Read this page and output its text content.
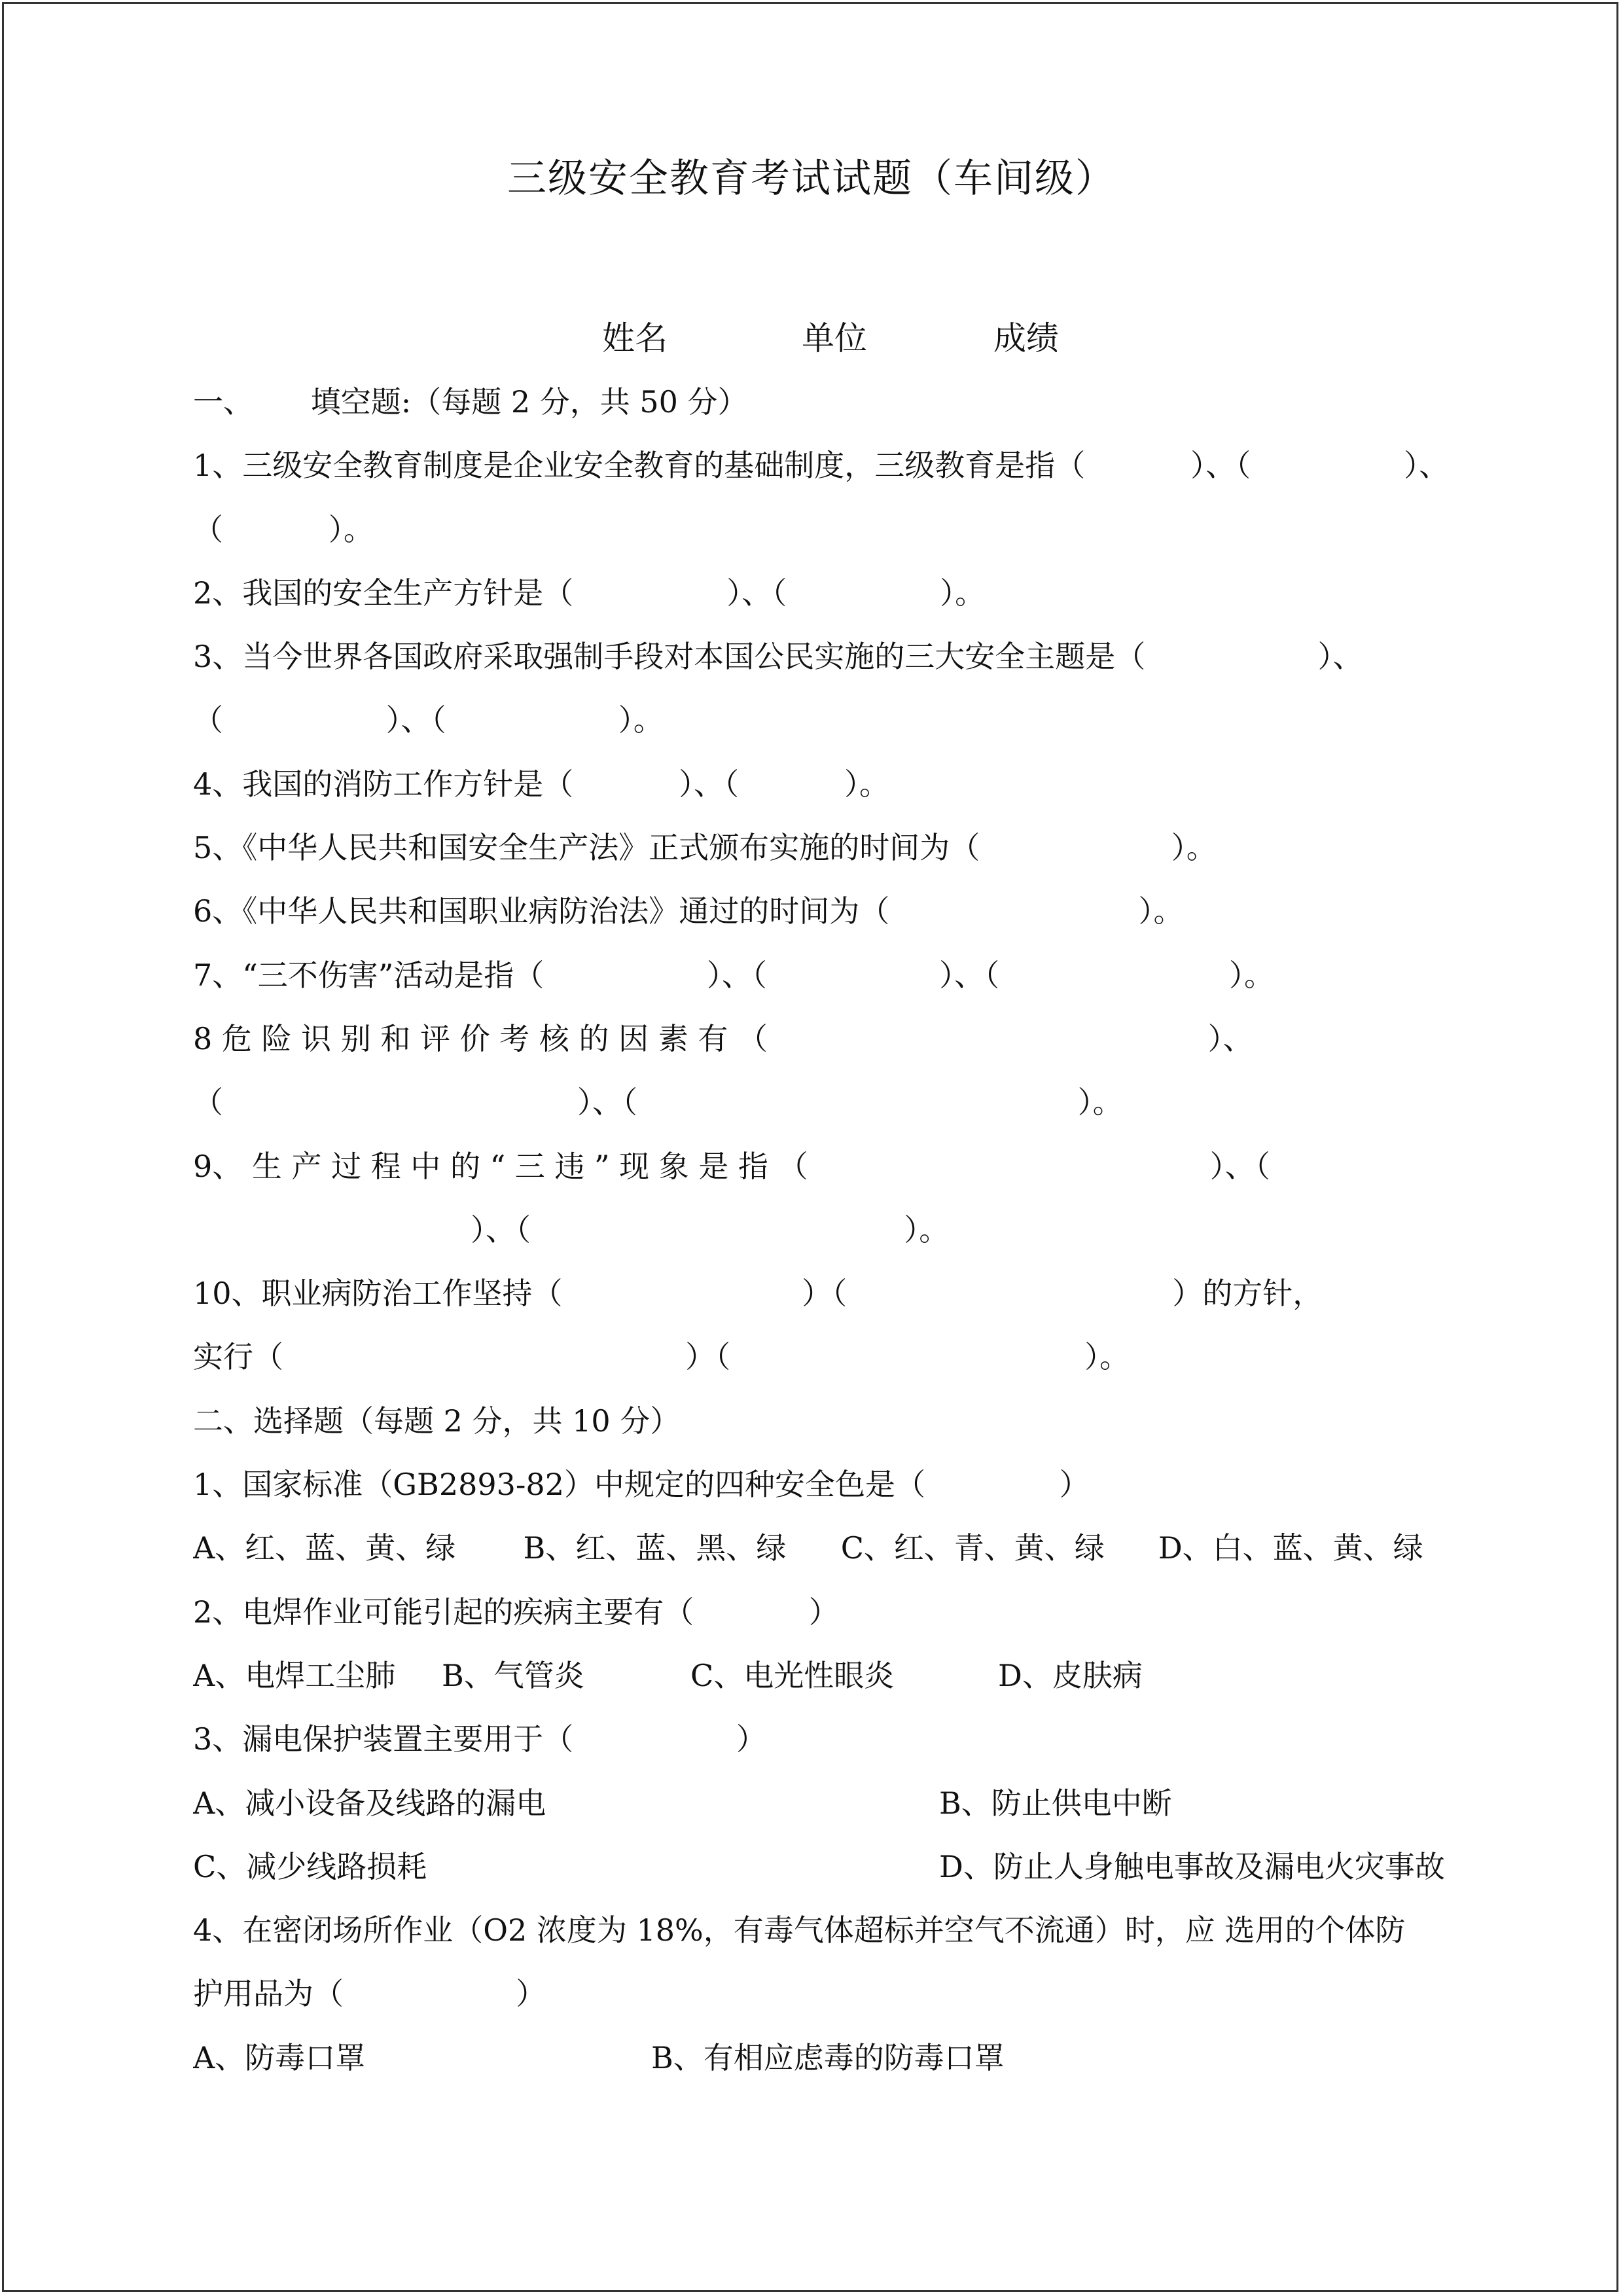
三级安全教育考试试题（车间级）
姓名	单位	成绩
一、      填空题:（每题 2 分，共 50 分）
1、三级安全教育制度是企业安全教育的基础制度，三级教育是指（           ）、（                ）、
（           ）。
2、我国的安全生产方针是（                ）、（                ）。
3、当今世界各国政府采取强制手段对本国公民实施的三大安全主题是（                  ）、
（                 ）、（                  ）。
4、我国的消防工作方针是（           ）、（           ）。
5、《中华人民共和国安全生产法》正式颁布实施的时间为（                    ）。
6、《中华人民共和国职业病防治法》通过的时间为（                          ）。
7、“三不伤害”活动是指（                 ）、（                  ）、（                        ）。
8 危 险 识 别 和 评 价 考 核 的 因 素 有 （                                              ）、
（                                     ）、（                                              ）。
9、 生 产 过 程 中 的 “ 三 违 ” 现 象 是 指 （                                          ）、（
）、（                                       ）。
10、职业病防治工作坚持（                         ）（                                  ）的方针，
实行（                                          ）（                                     ）。
二、选择题（每题 2 分，共 10 分）
1、国家标准（GB2893-82）中规定的四种安全色是（              ）
A、红、蓝、黄、绿	B、红、蓝、黑、绿	C、红、青、黄、绿	D、白、蓝、黄、绿
2、电焊作业可能引起的疾病主要有（            ）
A、电焊工尘肺	B、气管炎	C、电光性眼炎	D、皮肤病
3、漏电保护装置主要用于（                 ）
A、减小设备及线路的漏电	B、防止供电中断
C、减少线路损耗	D、防止人身触电事故及漏电火灾事故
4、在密闭场所作业（O2 浓度为 18%，有毒气体超标并空气不流通）时，应 选用的个体防
护用品为（                  ）
A、防毒口罩	B、有相应虑毒的防毒口罩
